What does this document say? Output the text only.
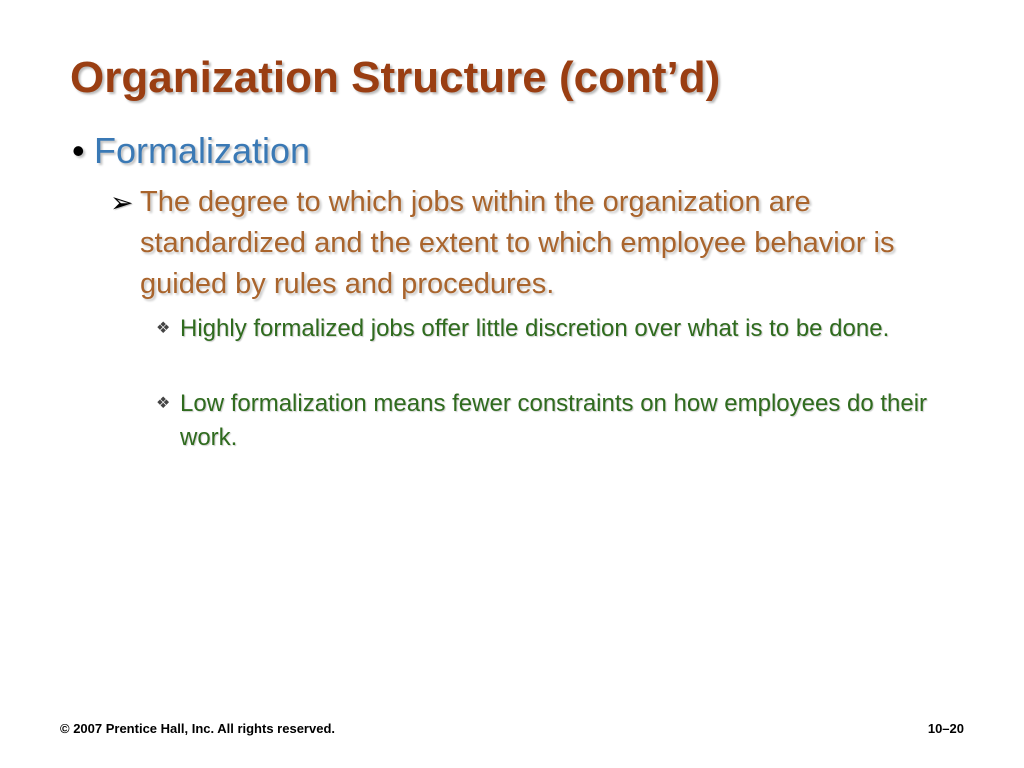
Organization Structure (cont’d)
• Formalization
➢ The degree to which jobs within the organization are standardized and the extent to which employee behavior is guided by rules and procedures.
❖ Highly formalized jobs offer little discretion over what is to be done.
❖ Low formalization means fewer constraints on how employees do their work.
© 2007 Prentice Hall, Inc. All rights reserved.	10–20
